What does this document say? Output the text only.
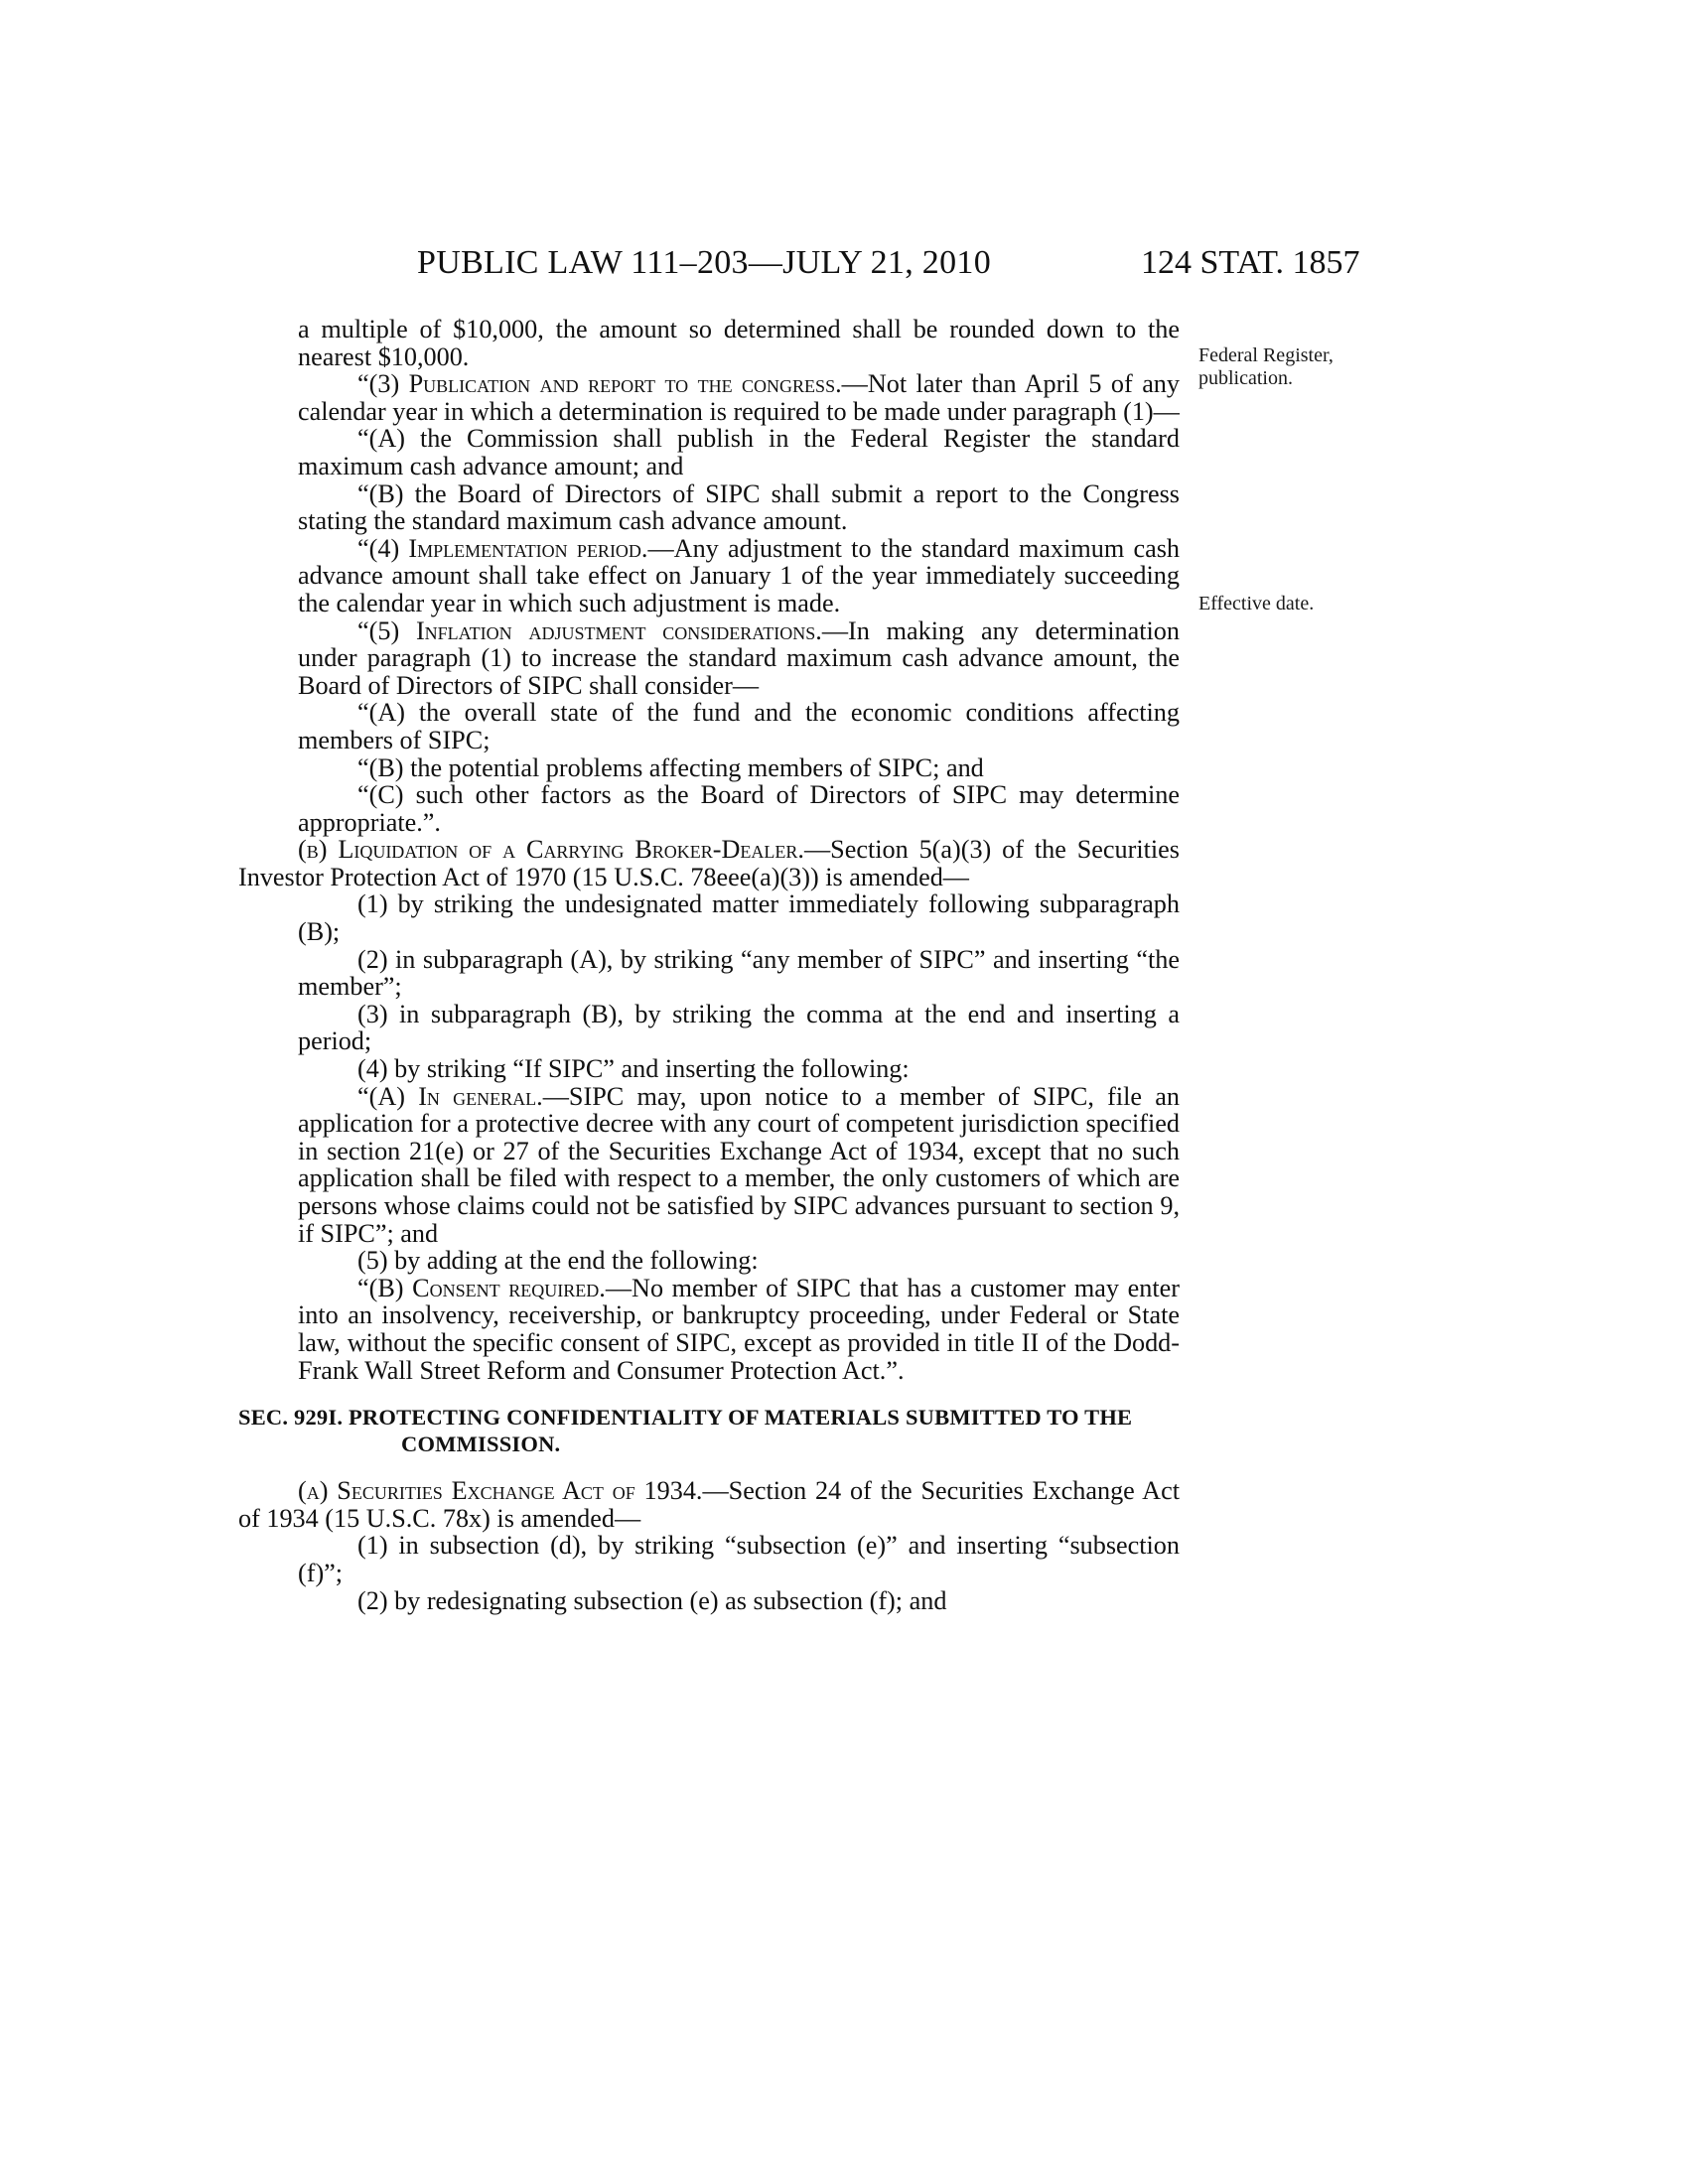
PUBLIC LAW 111–203—JULY 21, 2010	124 STAT. 1857
Federal Register, publication.
Effective date.

a multiple of $10,000, the amount so determined shall be rounded down to the nearest $10,000.

“(3) Publication and report to the congress.—Not later than April 5 of any calendar year in which a determination is required to be made under paragraph (1)—

“(A) the Commission shall publish in the Federal Register the standard maximum cash advance amount; and

“(B) the Board of Directors of SIPC shall submit a report to the Congress stating the standard maximum cash advance amount.

“(4) Implementation period.—Any adjustment to the standard maximum cash advance amount shall take effect on January 1 of the year immediately succeeding the calendar year in which such adjustment is made.

“(5) Inflation adjustment considerations.—In making any determination under paragraph (1) to increase the standard maximum cash advance amount, the Board of Directors of SIPC shall consider—

“(A) the overall state of the fund and the economic conditions affecting members of SIPC;

“(B) the potential problems affecting members of SIPC; and

“(C) such other factors as the Board of Directors of SIPC may determine appropriate.”.

(b) Liquidation of a Carrying Broker-Dealer.—Section 5(a)(3) of the Securities Investor Protection Act of 1970 (15 U.S.C. 78eee(a)(3)) is amended—

(1) by striking the undesignated matter immediately following subparagraph (B);

(2) in subparagraph (A), by striking “any member of SIPC” and inserting “the member”;

(3) in subparagraph (B), by striking the comma at the end and inserting a period;

(4) by striking “If SIPC” and inserting the following:

“(A) In general.—SIPC may, upon notice to a member of SIPC, file an application for a protective decree with any court of competent jurisdiction specified in section 21(e) or 27 of the Securities Exchange Act of 1934, except that no such application shall be filed with respect to a member, the only customers of which are persons whose claims could not be satisfied by SIPC advances pursuant to section 9, if SIPC”; and

(5) by adding at the end the following:

“(B) Consent required.—No member of SIPC that has a customer may enter into an insolvency, receivership, or bankruptcy proceeding, under Federal or State law, without the specific consent of SIPC, except as provided in title II of the Dodd-Frank Wall Street Reform and Consumer Protection Act.”.

SEC. 929I. PROTECTING CONFIDENTIALITY OF MATERIALS SUBMITTED TO THE COMMISSION.

(a) Securities Exchange Act of 1934.—Section 24 of the Securities Exchange Act of 1934 (15 U.S.C. 78x) is amended—

(1) in subsection (d), by striking “subsection (e)” and inserting “subsection (f)”;

(2) by redesignating subsection (e) as subsection (f); and
